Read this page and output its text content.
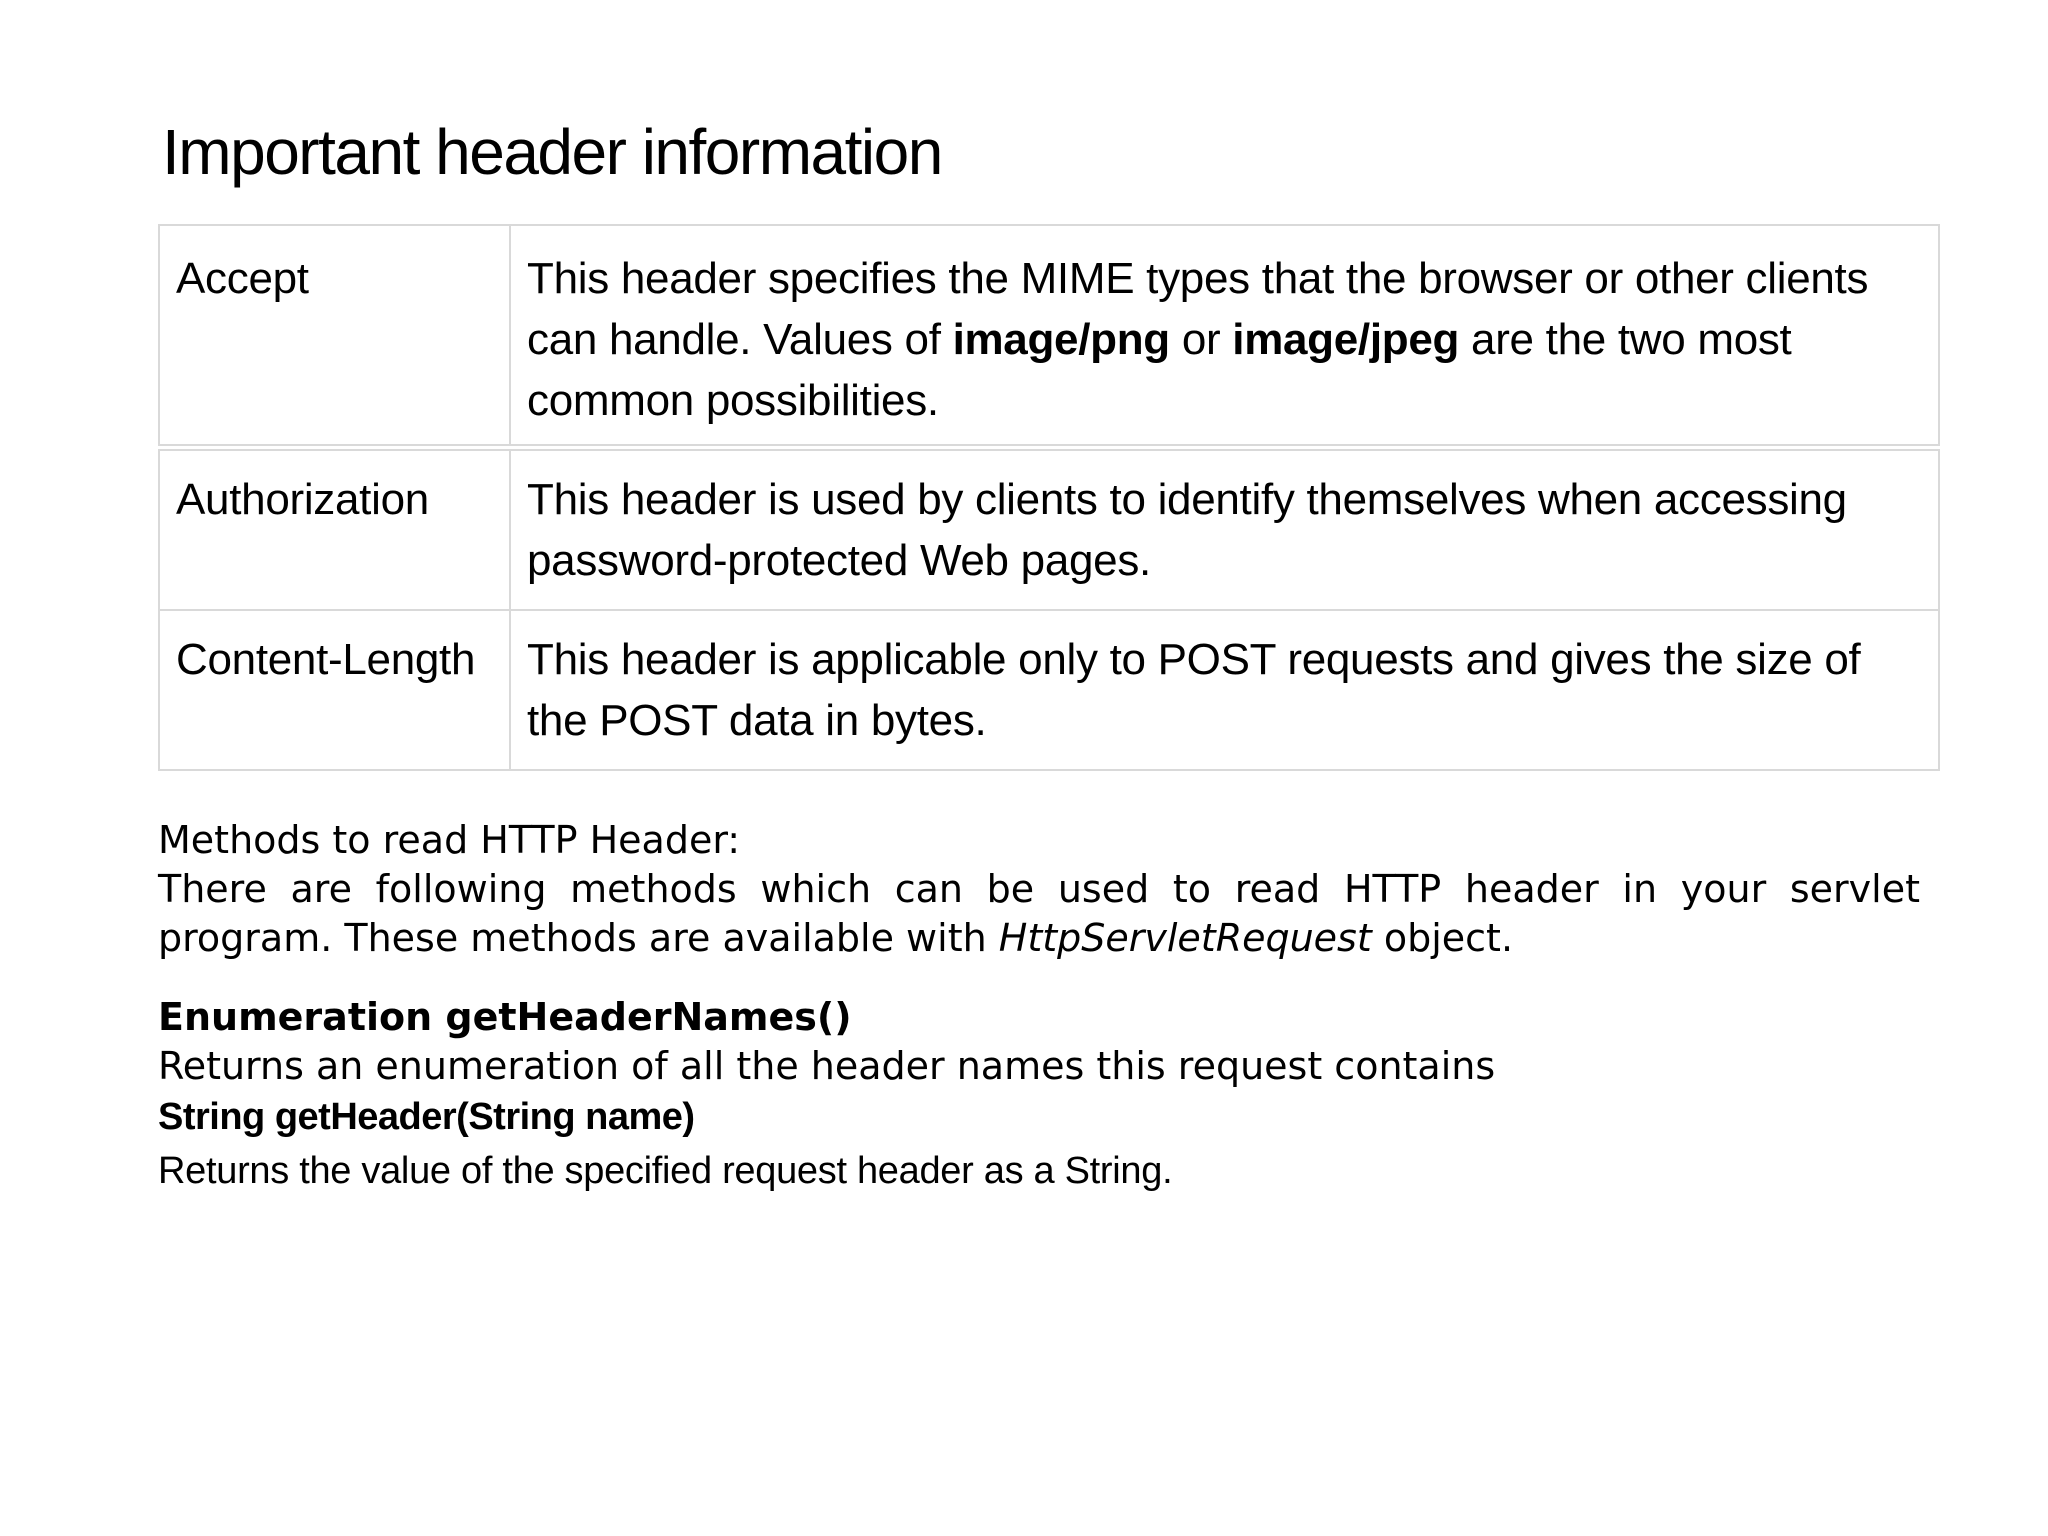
Important header information
Accept	This header specifies the MIME types that the browser or other clients can handle. Values of image/png or image/jpeg are the two most common possibilities.
Authorization	This header is used by clients to identify themselves when accessing password-protected Web pages.
Content-Length	This header is applicable only to POST requests and gives the size of the POST data in bytes.

Methods to read HTTP Header:

There are following methods which can be used to read HTTP header in your servlet program. These methods are available with HttpServletRequest object.

Enumeration getHeaderNames()

Returns an enumeration of all the header names this request contains

String getHeader(String name)

Returns the value of the specified request header as a String.
